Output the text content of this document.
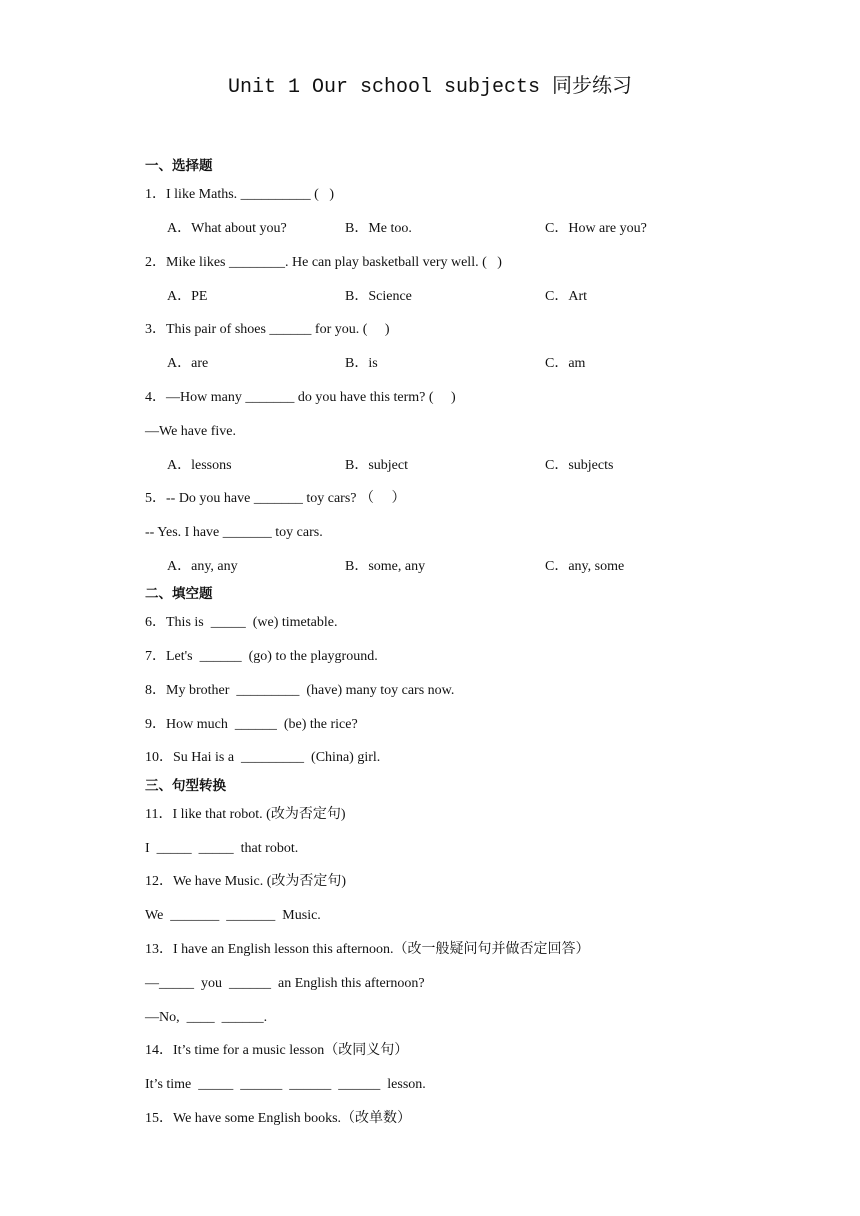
Unit 1 Our school subjects 同步练习
一、选择题
1．I like Maths. __________ (  )
A．What about you?	B．Me too.	C．How are you?
2．Mike likes ________. He can play basketball very well. (  )
A．PE	B．Science	C．Art
3．This pair of shoes ______ for you. (   )
A．are	B．is	C．am
4．—How many _______ do you have this term? (   )
—We have five.
A．lessons	B．subject	C．subjects
5．-- Do you have _______ toy cars? （   ）
-- Yes. I have _______ toy cars.
A．any, any	B．some, any	C．any, some
二、填空题
6．This is  _____  (we) timetable.
7．Let's  ______  (go) to the playground.
8．My brother  _________  (have) many toy cars now.
9．How much  ______  (be) the rice?
10．Su Hai is a  _________  (China) girl.
三、句型转换
11．I like that robot. (改为否定句)
I  _____  _____  that robot.
12．We have Music. (改为否定句)
We  _______  _______  Music.
13．I have an English lesson this afternoon.（改一般疑问句并做否定回答）
—_____  you  ______  an English this afternoon?
—No,  ____  ______.
14．It’s time for a music lesson（改同义句）
It’s time  _____  ______  ______  ______  lesson.
15．We have some English books.（改单数）
